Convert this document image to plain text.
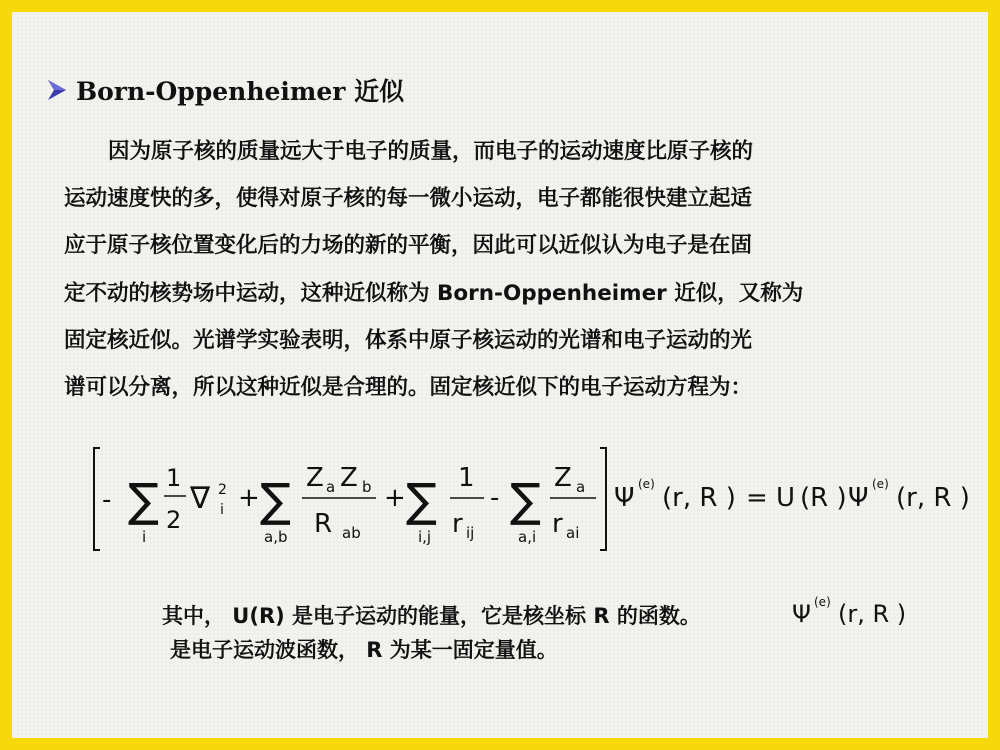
Born-Oppenheimer 近似

因为原子核的质量远大于电子的质量，而电子的运动速度比原子核的
运动速度快的多，使得对原子核的每一微小运动，电子都能很快建立起适
应于原子核位置变化后的力场的新的平衡，因此可以近似认为电子是在固
定不动的核势场中运动，这种近似称为 Born-Oppenheimer 近似，又称为
固定核近似。光谱学实验表明，体系中原子核运动的光谱和电子运动的光
谱可以分离，所以这种近似是合理的。固定核近似下的电子运动方程为：

- ∑
i
1
2
∇ 2
i + ∑
a,b
Z a Z b
R ab
+ ∑
i,j
1
r ij
- ∑
a,i
Z a
r ai
Ψ (e) (r, R ) = U (R ) Ψ (e) (r, R )
其中， U(R) 是电子运动的能量，它是核坐标 R 的函数。	Ψ (e) (r, R )
是电子运动波函数， R 为某一固定量值。
